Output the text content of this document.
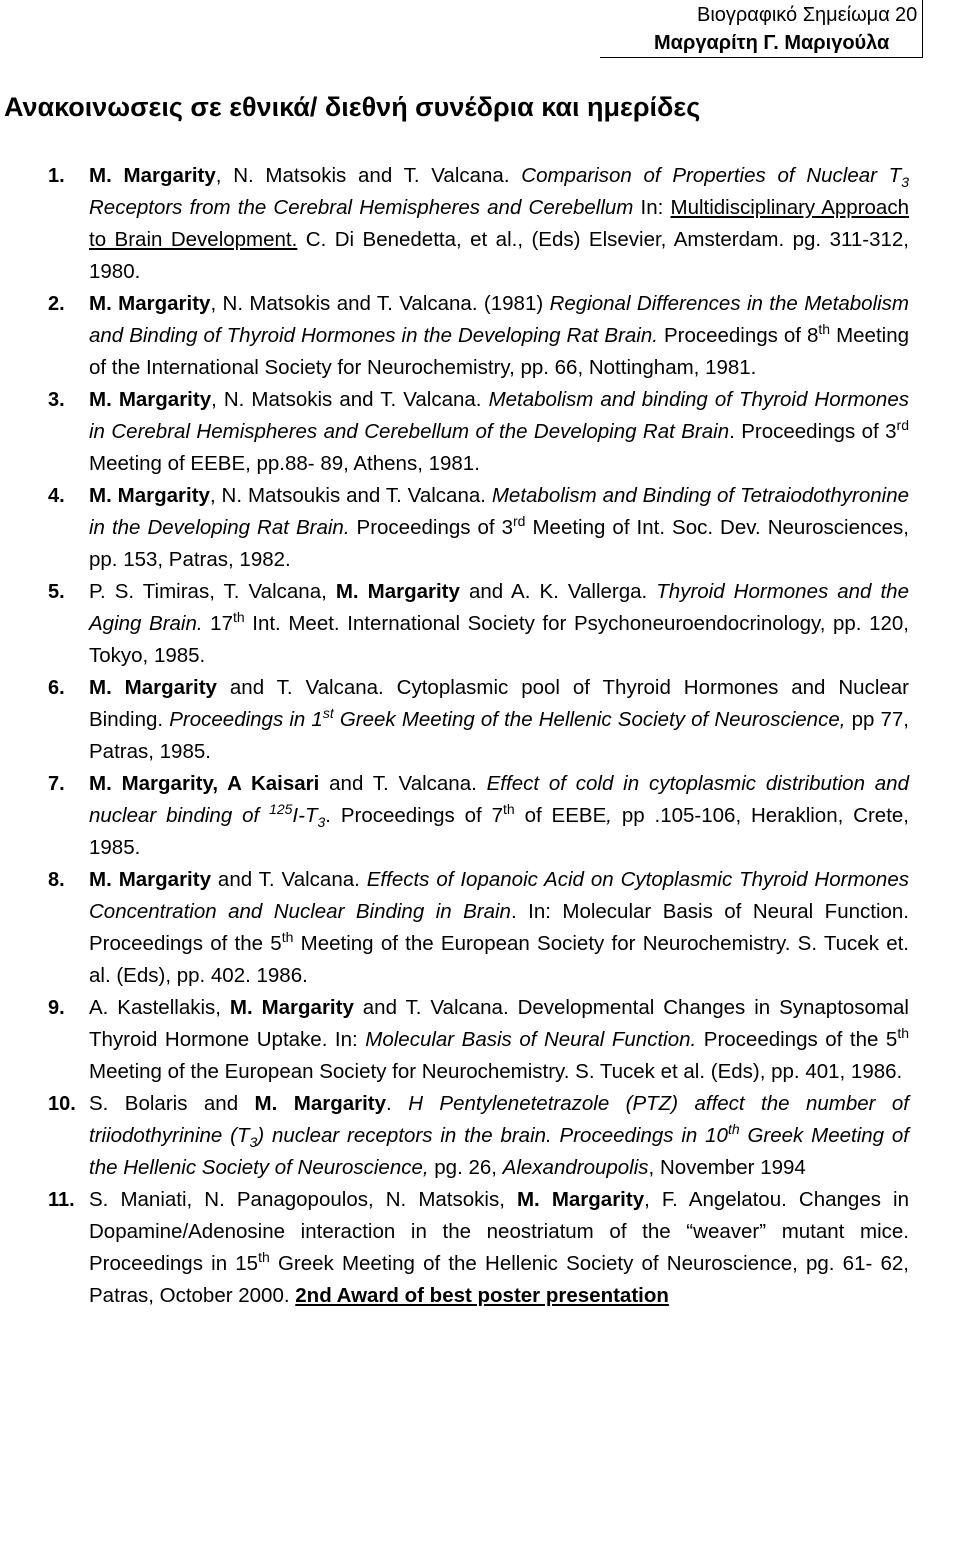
Βιογραφικό Σημείωμα
Μαργαρίτη Γ. Μαριγούλα
20
Ανακοινωσεις σε εθνικά/ διεθνή συνέδρια και ημερίδες
1. M. Margarity, N. Matsokis and T. Valcana. Comparison of Properties of Nuclear $T_3$ Receptors from the Cerebral Hemispheres and Cerebellum In: Multidisciplinary Approach to Brain Development. C. Di Benedetta, et al., (Eds) Elsevier, Amsterdam. pg. 311-312, 1980.
2. M. Margarity, N. Matsokis and T. Valcana. (1981) Regional Differences in the Metabolism and Binding of Thyroid Hormones in the Developing Rat Brain. Proceedings of 8th Meeting of the International Society for Neurochemistry, pp. 66, Nottingham, 1981.
3. M. Margarity, N. Matsokis and T. Valcana. Metabolism and binding of Thyroid Hormones in Cerebral Hemispheres and Cerebellum of the Developing Rat Brain. Proceedings of 3rd Meeting of EEBE, pp.88- 89, Athens, 1981.
4. M. Margarity, N. Matsoukis and T. Valcana. Metabolism and Binding of Tetraiodothyronine in the Developing Rat Brain. Proceedings of 3rd Meeting of Int. Soc. Dev. Neurosciences, pp. 153, Patras, 1982.
5. P. S. Timiras, T. Valcana, M. Margarity and A. K. Vallerga. Thyroid Hormones and the Aging Brain. 17th Int. Meet. International Society for Psychoneuroendocrinology, pp. 120, Tokyo, 1985.
6. M. Margarity and T. Valcana. Cytoplasmic pool of Thyroid Hormones and Nuclear Binding. Proceedings in 1st Greek Meeting of the Hellenic Society of Neuroscience, pp 77, Patras, 1985.
7. M. Margarity, A Kaisari and T. Valcana. Effect of cold in cytoplasmic distribution and nuclear binding of $^{125}I-T_3$. Proceedings of 7th of EEBE, pp .105-106, Heraklion, Crete, 1985.
8. M. Margarity and T. Valcana. Effects of Iopanoic Acid on Cytoplasmic Thyroid Hormones Concentration and Nuclear Binding in Brain. In: Molecular Basis of Neural Function. Proceedings of the 5th Meeting of the European Society for Neurochemistry. S. Tucek et. al. (Eds), pp. 402. 1986.
9. A. Kastellakis, M. Margarity and T. Valcana. Developmental Changes in Synaptosomal Thyroid Hormone Uptake. In: Molecular Basis of Neural Function. Proceedings of the 5th Meeting of the European Society for Neurochemistry. S. Tucek et al. (Eds), pp. 401, 1986.
10. S. Bolaris and M. Margarity. H Pentylenetetrazole (PTZ) affect the number of triiodothyrinine $(T_3)$ nuclear receptors in the brain. Proceedings in 10th Greek Meeting of the Hellenic Society of Neuroscience, pg. 26, Alexandroupolis, November 1994
11. S. Maniati, N. Panagopoulos, N. Matsokis, M. Margarity, F. Angelatou. Changes in Dopamine/Adenosine interaction in the neostriatum of the “weaver” mutant mice. Proceedings in 15th Greek Meeting of the Hellenic Society of Neuroscience, pg. 61- 62, Patras, October 2000. 2nd Award of best poster presentation
